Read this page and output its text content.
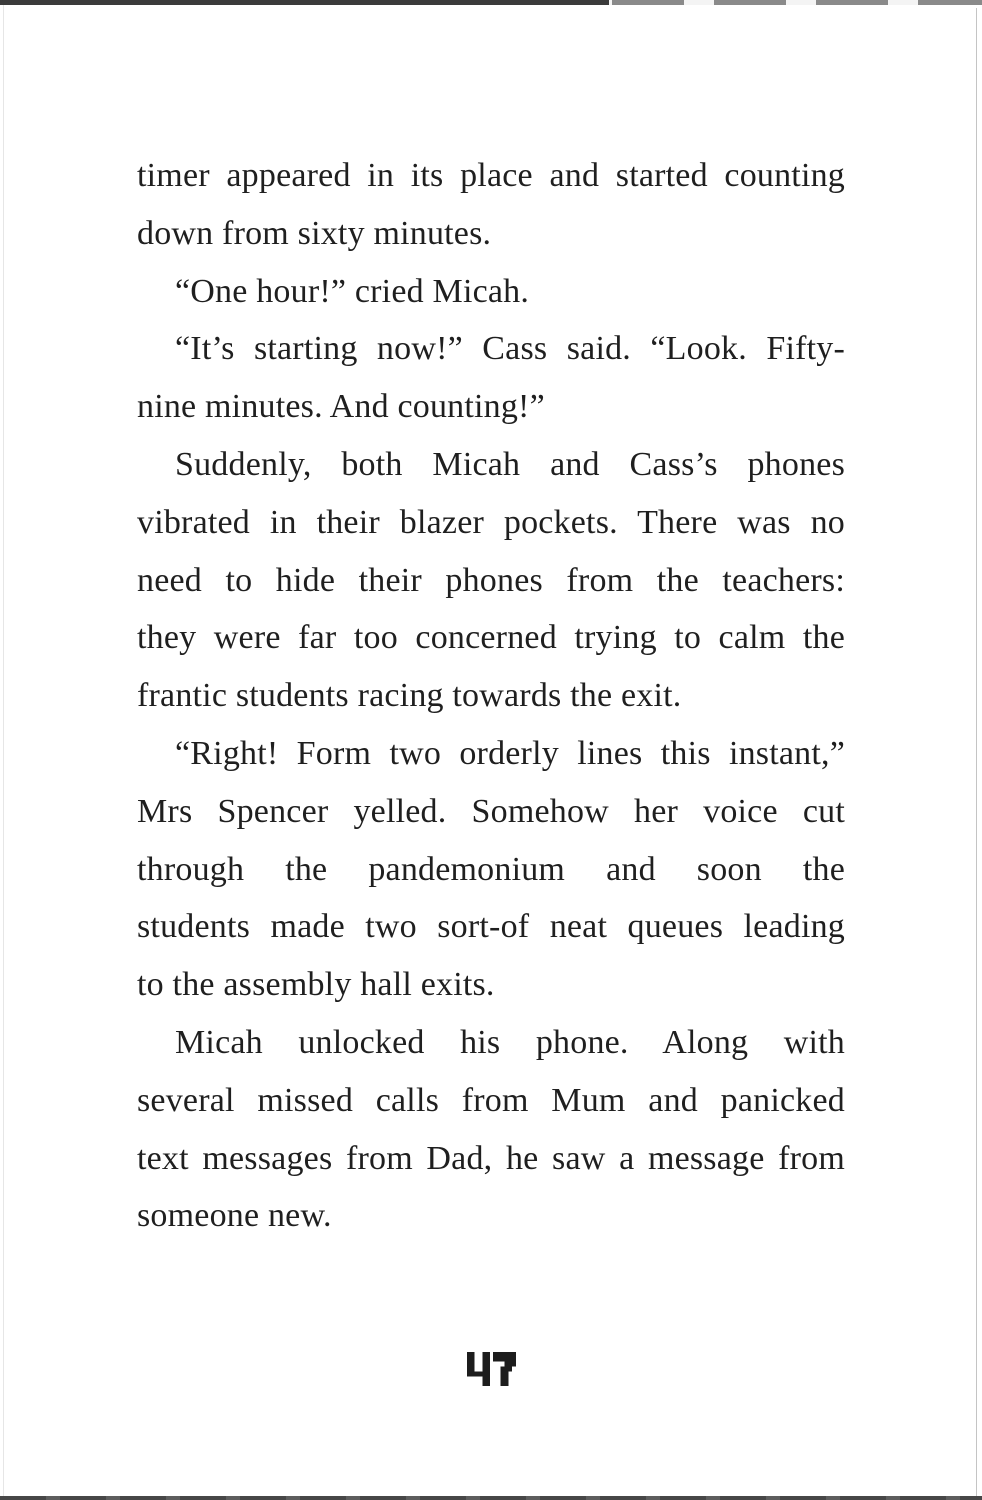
timer appeared in its place and started counting
down from sixty minutes.
“One hour!” cried Micah.
“It’s starting now!” Cass said. “Look. Fifty-
nine minutes. And counting!”
Suddenly, both Micah and Cass’s phones
vibrated in their blazer pockets. There was no
need to hide their phones from the teachers:
they were far too concerned trying to calm the
frantic students racing towards the exit.
“Right! Form two orderly lines this instant,”
Mrs Spencer yelled. Somehow her voice cut
through the pandemonium and soon the
students made two sort-of neat queues leading
to the assembly hall exits.
Micah unlocked his phone. Along with
several missed calls from Mum and panicked
text messages from Dad, he saw a message from
someone new.
